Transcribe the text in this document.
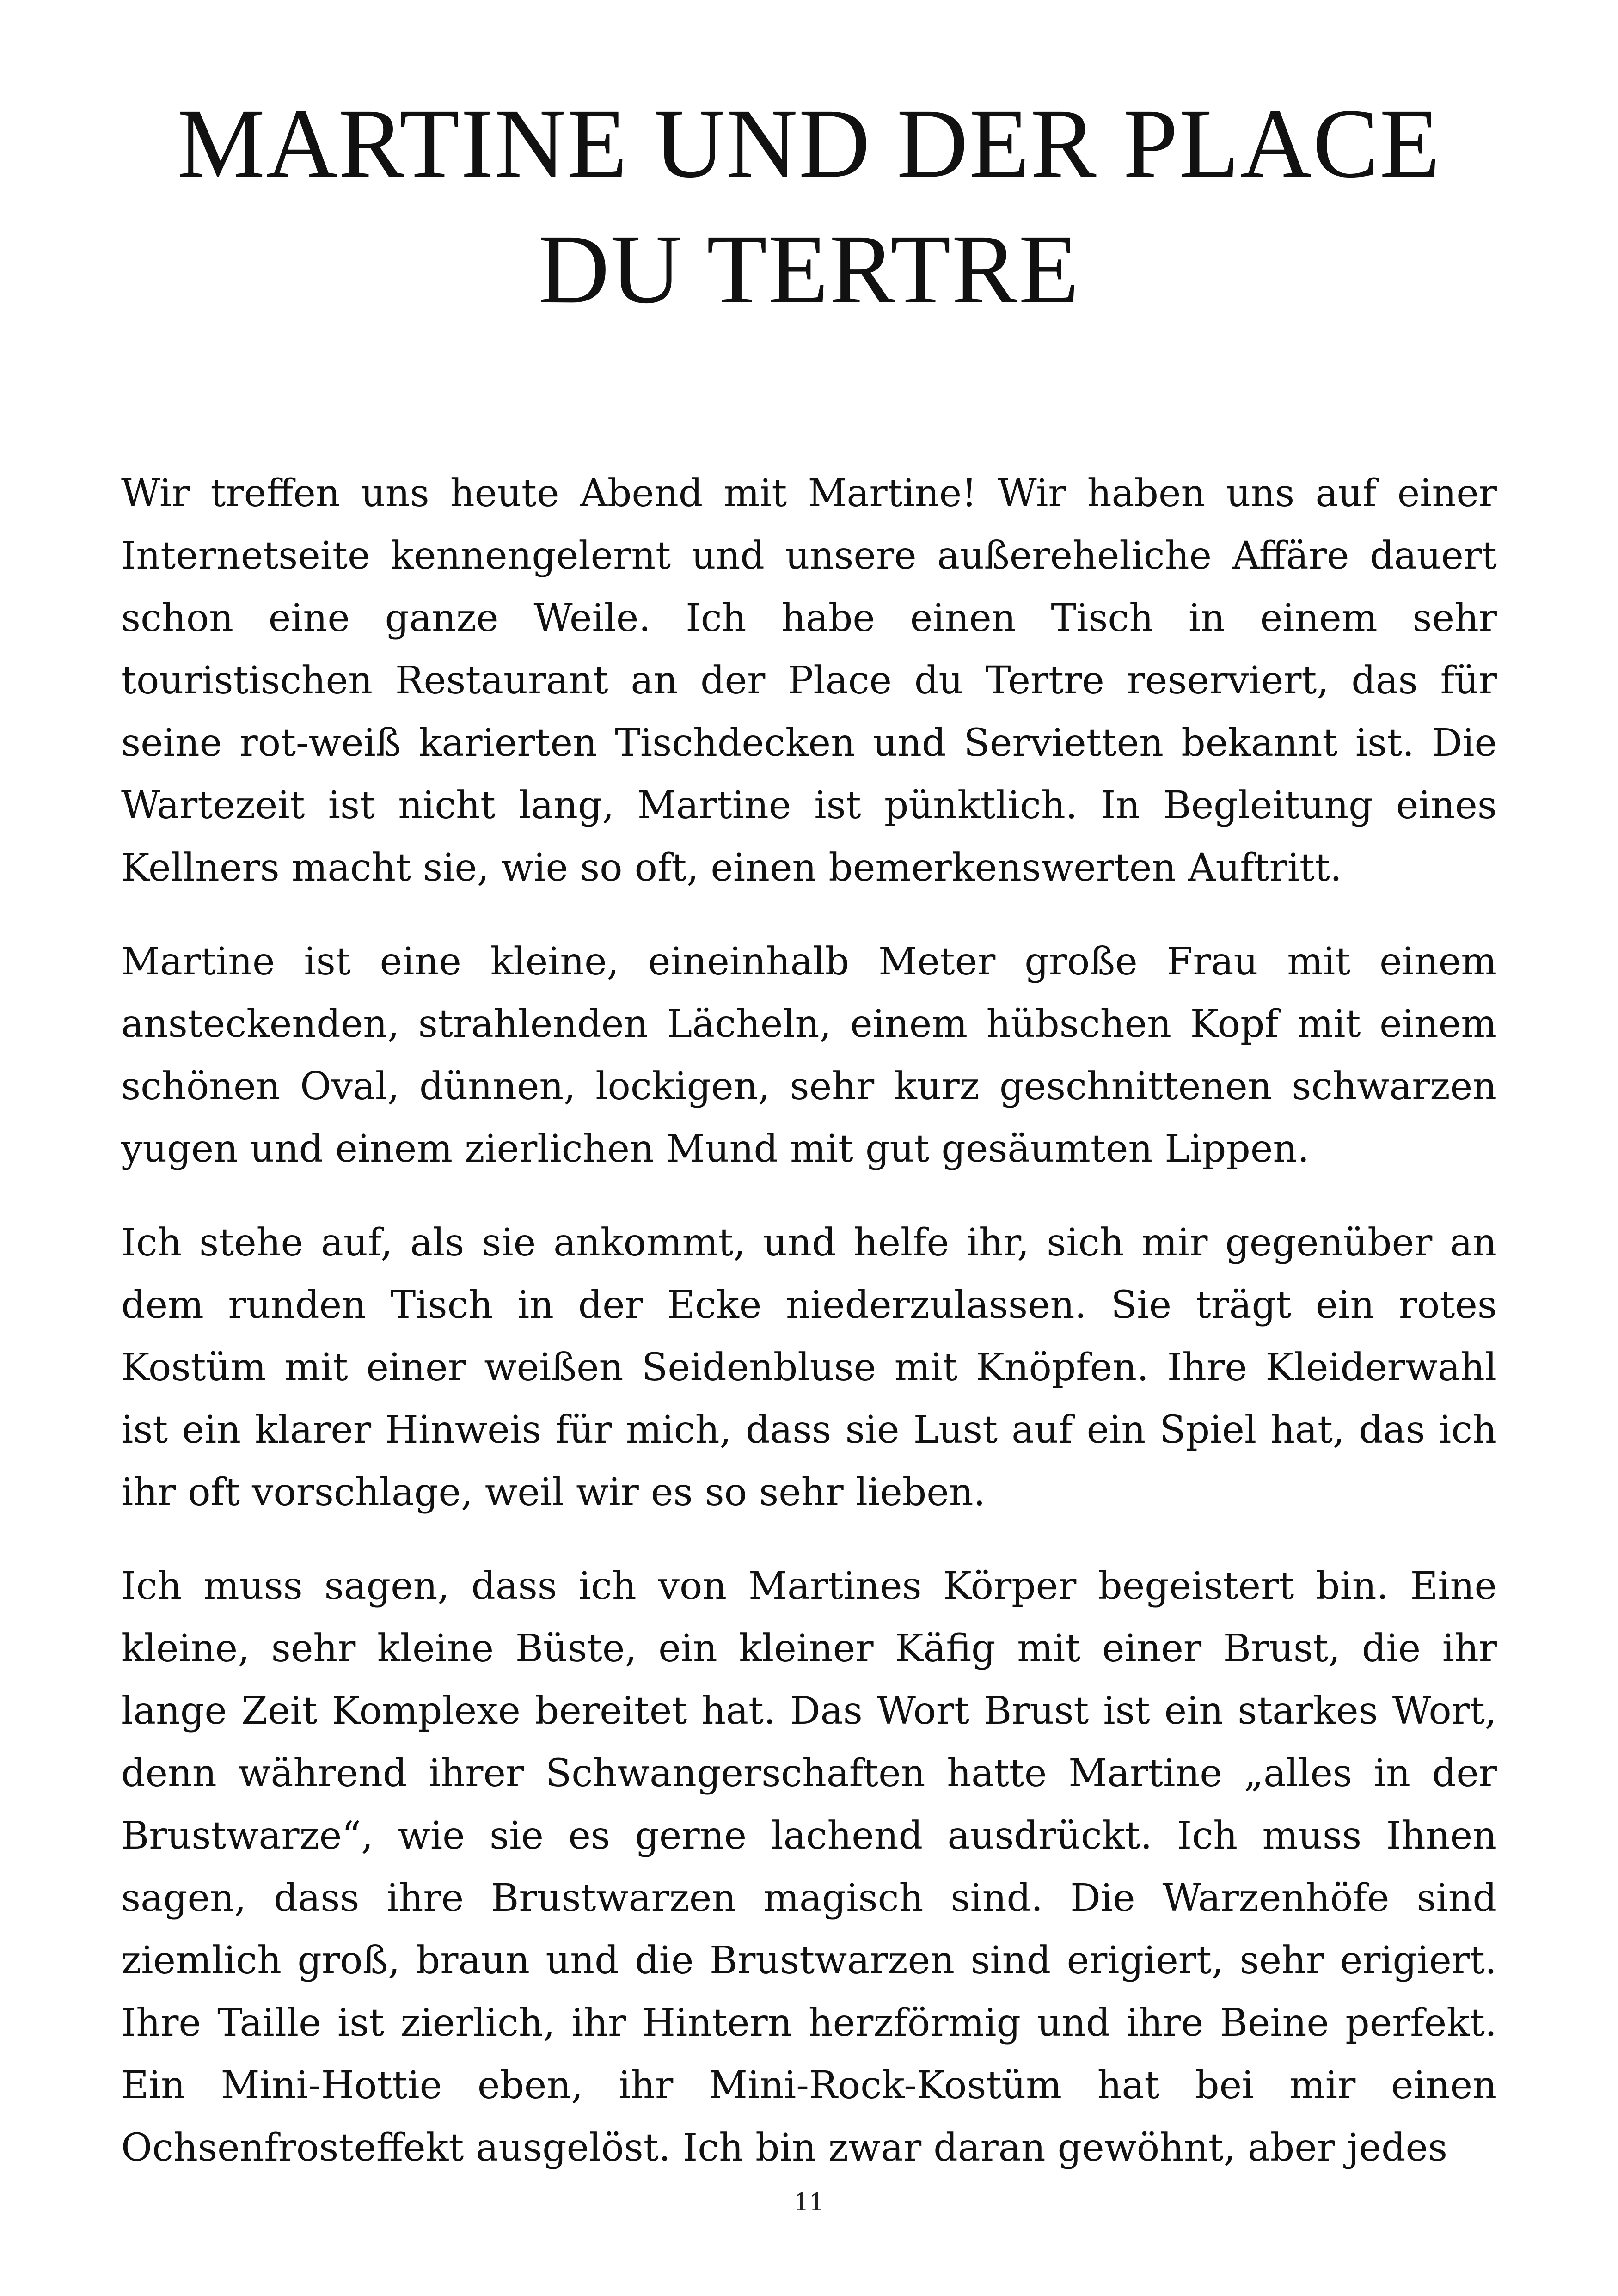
MARTINE UND DER PLACE DU TERTRE

Wir treffen uns heute Abend mit Martine! Wir haben uns auf einer Internetseite kennengelernt und unsere außereheliche Affäre dauert schon eine ganze Weile. Ich habe einen Tisch in einem sehr touristischen Restaurant an der Place du Tertre reserviert, das für seine rot-weiß karierten Tischdecken und Servietten bekannt ist. Die Wartezeit ist nicht lang, Martine ist pünktlich. In Begleitung eines Kellners macht sie, wie so oft, einen bemerkenswerten Auftritt.

Martine ist eine kleine, eineinhalb Meter große Frau mit einem ansteckenden, strahlenden Lächeln, einem hübschen Kopf mit einem schönen Oval, dünnen, lockigen, sehr kurz geschnittenen schwarzen yugen und einem zierlichen Mund mit gut gesäumten Lippen.

Ich stehe auf, als sie ankommt, und helfe ihr, sich mir gegenüber an dem runden Tisch in der Ecke niederzulassen. Sie trägt ein rotes Kostüm mit einer weißen Seidenbluse mit Knöpfen. Ihre Kleiderwahl ist ein klarer Hinweis für mich, dass sie Lust auf ein Spiel hat, das ich ihr oft vorschlage, weil wir es so sehr lieben.

Ich muss sagen, dass ich von Martines Körper begeistert bin. Eine kleine, sehr kleine Büste, ein kleiner Käfig mit einer Brust, die ihr lange Zeit Komplexe bereitet hat. Das Wort Brust ist ein starkes Wort, denn während ihrer Schwangerschaften hatte Martine „alles in der Brustwarze“, wie sie es gerne lachend ausdrückt. Ich muss Ihnen sagen, dass ihre Brustwarzen magisch sind. Die Warzenhöfe sind ziemlich groß, braun und die Brustwarzen sind erigiert, sehr erigiert. Ihre Taille ist zierlich, ihr Hintern herzförmig und ihre Beine perfekt. Ein Mini-Hottie eben, ihr Mini-Rock-Kostüm hat bei mir einen Ochsenfrosteffekt ausgelöst. Ich bin zwar daran gewöhnt, aber jedes

11
